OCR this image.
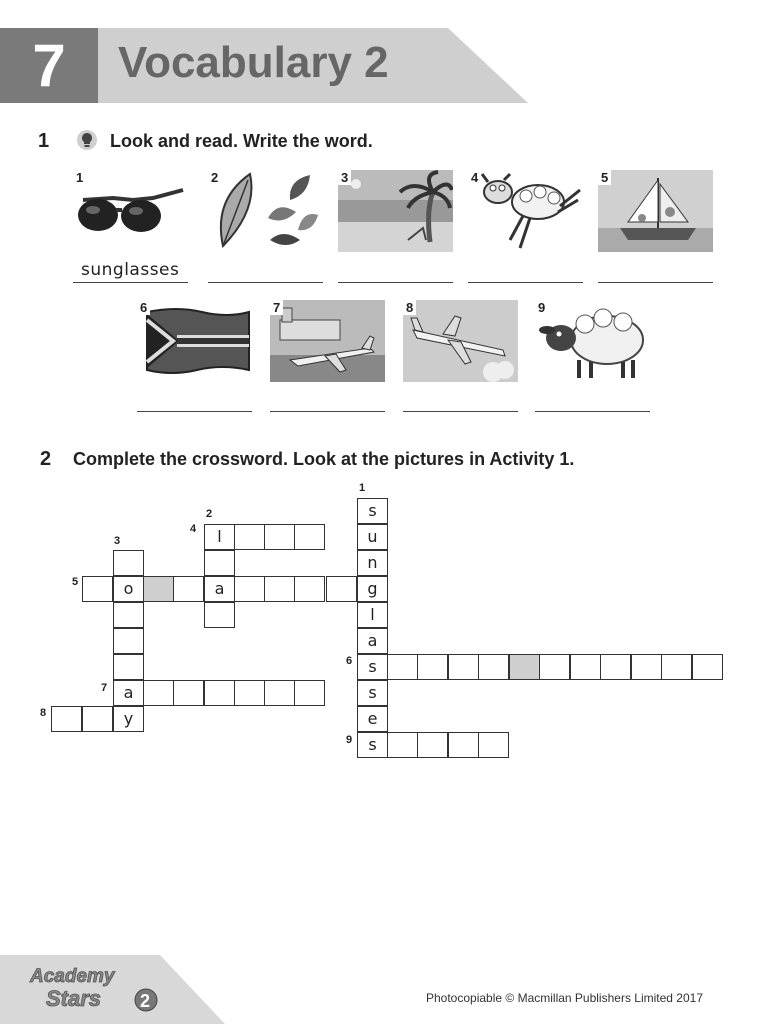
7	Vocabulary 2
1	Look and read. Write the word.
1	2	3	4	5
sunglasses
6	7	8	9
2 Complete the crossword. Look at the pictures in Activity 1.
1
2
3
4
5
6
7
8
9
s
u
n
g
l
a
s
s
e
s
l
o	a
a
y
Academy
Stars 2	Photocopiable © Macmillan Publishers Limited 2017
